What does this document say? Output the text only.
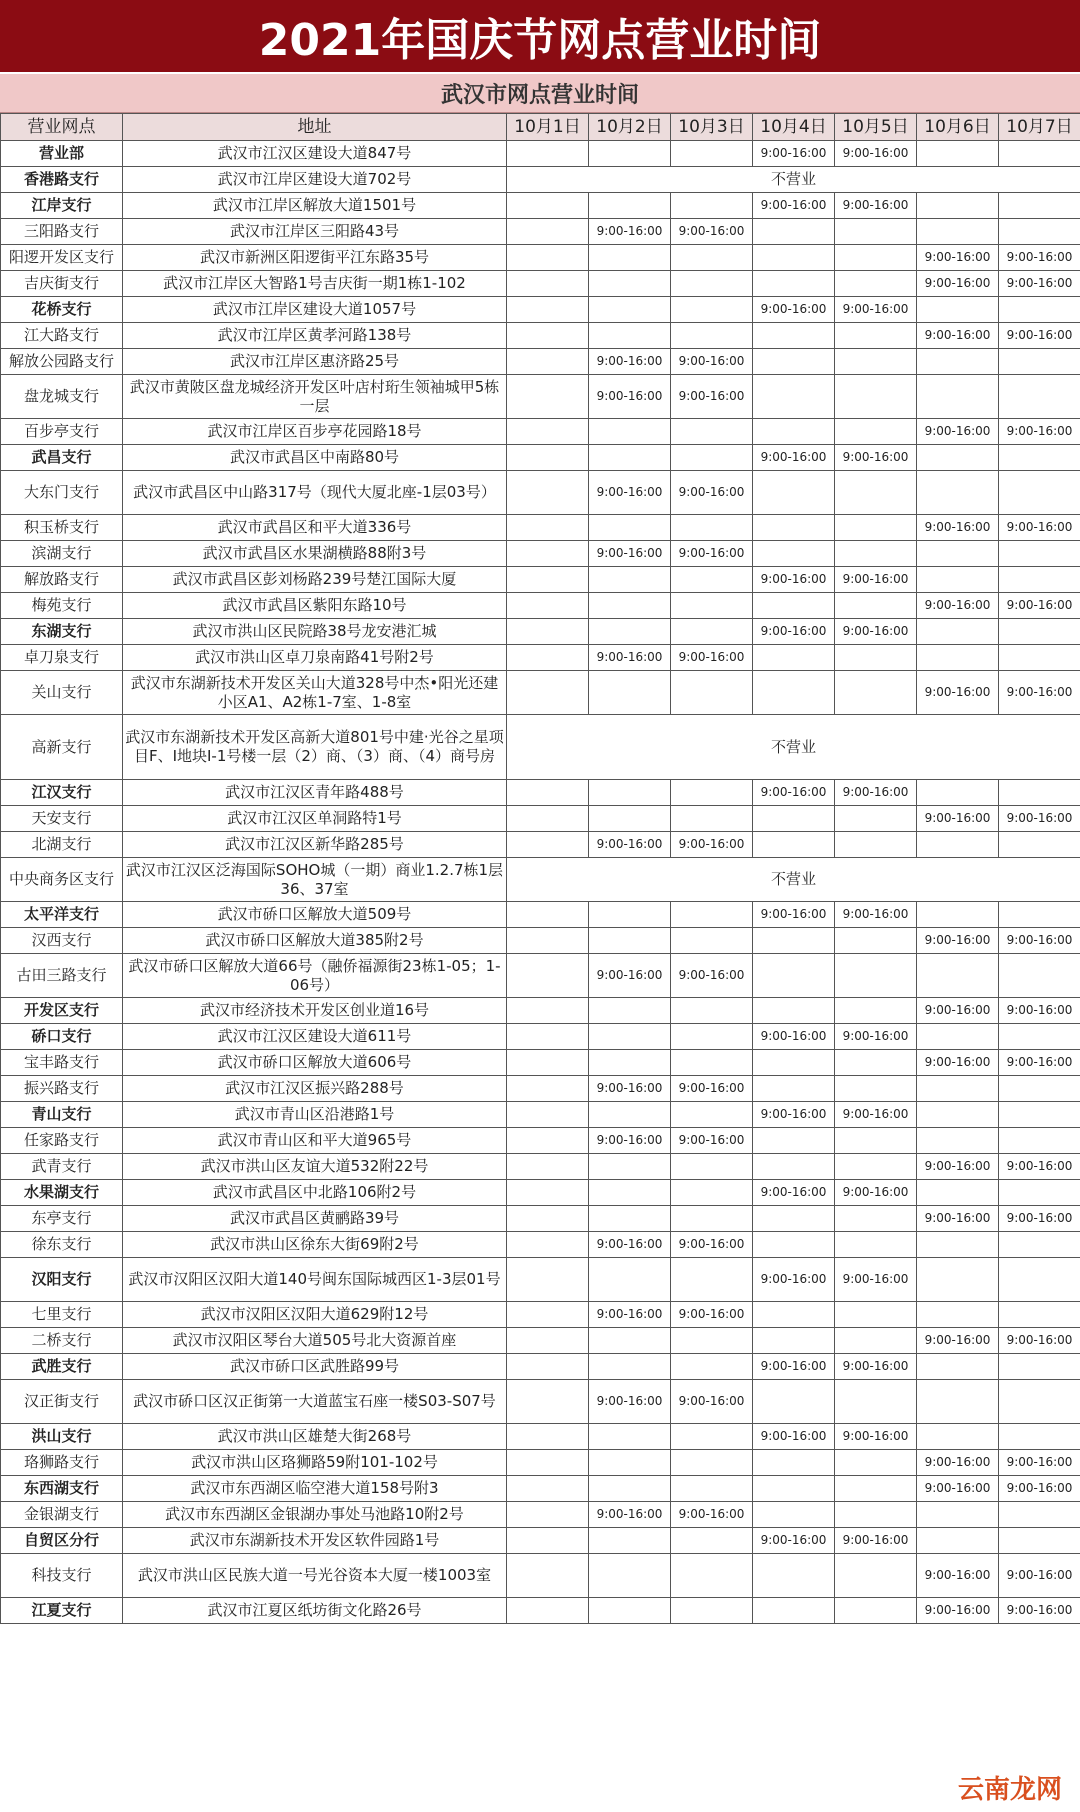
2021年国庆节网点营业时间
武汉市网点营业时间
营业网点	地址	10月1日	10月2日	10月3日	10月4日	10月5日	10月6日	10月7日
营业部	武汉市江汉区建设大道847号				9:00-16:00	9:00-16:00		
香港路支行	武汉市江岸区建设大道702号	不营业						
江岸支行	武汉市江岸区解放大道1501号				9:00-16:00	9:00-16:00		
三阳路支行	武汉市江岸区三阳路43号		9:00-16:00	9:00-16:00				
阳逻开发区支行	武汉市新洲区阳逻街平江东路35号						9:00-16:00	9:00-16:00
吉庆街支行	武汉市江岸区大智路1号吉庆街一期1栋1-102						9:00-16:00	9:00-16:00
花桥支行	武汉市江岸区建设大道1057号				9:00-16:00	9:00-16:00		
江大路支行	武汉市江岸区黄孝河路138号						9:00-16:00	9:00-16:00
解放公园路支行	武汉市江岸区惠济路25号		9:00-16:00	9:00-16:00				
盘龙城支行	武汉市黄陂区盘龙城经济开发区叶店村珩生领袖城甲5栋一层		9:00-16:00	9:00-16:00				
百步亭支行	武汉市江岸区百步亭花园路18号						9:00-16:00	9:00-16:00
武昌支行	武汉市武昌区中南路80号				9:00-16:00	9:00-16:00		
大东门支行	武汉市武昌区中山路317号（现代大厦北座-1层03号）		9:00-16:00	9:00-16:00				
积玉桥支行	武汉市武昌区和平大道336号						9:00-16:00	9:00-16:00
滨湖支行	武汉市武昌区水果湖横路88附3号		9:00-16:00	9:00-16:00				
解放路支行	武汉市武昌区彭刘杨路239号楚江国际大厦				9:00-16:00	9:00-16:00		
梅苑支行	武汉市武昌区紫阳东路10号						9:00-16:00	9:00-16:00
东湖支行	武汉市洪山区民院路38号龙安港汇城				9:00-16:00	9:00-16:00		
卓刀泉支行	武汉市洪山区卓刀泉南路41号附2号		9:00-16:00	9:00-16:00				
关山支行	武汉市东湖新技术开发区关山大道328号中杰•阳光还建小区A1、A2栋1-7室、1-8室						9:00-16:00	9:00-16:00
高新支行	武汉市东湖新技术开发区高新大道801号中建·光谷之星项目F、I地块I-1号楼一层（2）商、（3）商、（4）商号房	不营业						
江汉支行	武汉市江汉区青年路488号				9:00-16:00	9:00-16:00		
天安支行	武汉市江汉区单洞路特1号						9:00-16:00	9:00-16:00
北湖支行	武汉市江汉区新华路285号		9:00-16:00	9:00-16:00				
中央商务区支行	武汉市江汉区泛海国际SOHO城（一期）商业1.2.7栋1层36、37室	不营业						
太平洋支行	武汉市硚口区解放大道509号				9:00-16:00	9:00-16:00		
汉西支行	武汉市硚口区解放大道385附2号						9:00-16:00	9:00-16:00
古田三路支行	武汉市硚口区解放大道66号（融侨福源街23栋1-05；1-06号）		9:00-16:00	9:00-16:00				
开发区支行	武汉市经济技术开发区创业道16号						9:00-16:00	9:00-16:00
硚口支行	武汉市江汉区建设大道611号				9:00-16:00	9:00-16:00		
宝丰路支行	武汉市硚口区解放大道606号						9:00-16:00	9:00-16:00
振兴路支行	武汉市江汉区振兴路288号		9:00-16:00	9:00-16:00				
青山支行	武汉市青山区沿港路1号				9:00-16:00	9:00-16:00		
任家路支行	武汉市青山区和平大道965号		9:00-16:00	9:00-16:00				
武青支行	武汉市洪山区友谊大道532附22号						9:00-16:00	9:00-16:00
水果湖支行	武汉市武昌区中北路106附2号				9:00-16:00	9:00-16:00		
东亭支行	武汉市武昌区黄鹂路39号						9:00-16:00	9:00-16:00
徐东支行	武汉市洪山区徐东大街69附2号		9:00-16:00	9:00-16:00				
汉阳支行	武汉市汉阳区汉阳大道140号闽东国际城西区1-3层01号				9:00-16:00	9:00-16:00		
七里支行	武汉市汉阳区汉阳大道629附12号		9:00-16:00	9:00-16:00				
二桥支行	武汉市汉阳区琴台大道505号北大资源首座						9:00-16:00	9:00-16:00
武胜支行	武汉市硚口区武胜路99号				9:00-16:00	9:00-16:00		
汉正街支行	武汉市硚口区汉正街第一大道蓝宝石座一楼S03-S07号		9:00-16:00	9:00-16:00				
洪山支行	武汉市洪山区雄楚大街268号				9:00-16:00	9:00-16:00		
珞狮路支行	武汉市洪山区珞狮路59附101-102号						9:00-16:00	9:00-16:00
东西湖支行	武汉市东西湖区临空港大道158号附3						9:00-16:00	9:00-16:00
金银湖支行	武汉市东西湖区金银湖办事处马池路10附2号		9:00-16:00	9:00-16:00				
自贸区分行	武汉市东湖新技术开发区软件园路1号				9:00-16:00	9:00-16:00		
科技支行	武汉市洪山区民族大道一号光谷资本大厦一楼1003室						9:00-16:00	9:00-16:00
江夏支行	武汉市江夏区纸坊街文化路26号						9:00-16:00	9:00-16:00
云南龙网
